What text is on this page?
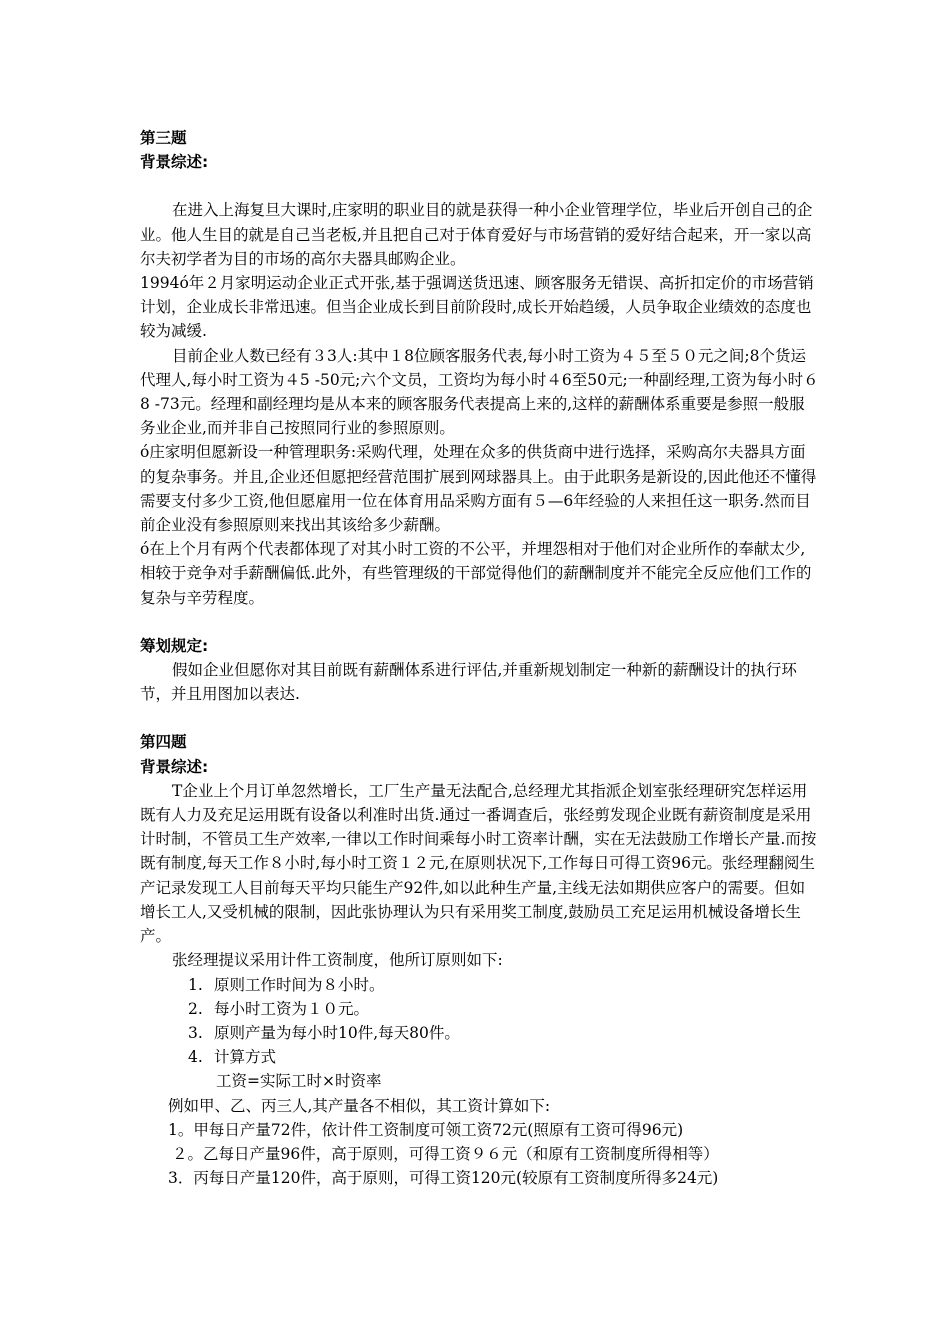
第三题
背景综述:

在进入上海复旦大课时,庄家明的职业目的就是获得一种小企业管理学位，毕业后开创自己的企业。他人生目的就是自己当老板,并且把自己对于体育爱好与市场营销的爱好结合起来，开一家以高尔夫初学者为目的市场的高尔夫器具邮购企业。

1994ó年２月家明运动企业正式开张,基于强调送货迅速、顾客服务无错误、高折扣定价的市场营销计划，企业成长非常迅速。但当企业成长到目前阶段时,成长开始趋缓，人员争取企业绩效的态度也较为减缓.

目前企业人数已经有３3人:其中１8位顾客服务代表,每小时工资为４５至５０元之间;8个货运代理人,每小时工资为４5 -50元;六个文员，工资均为每小时４6至50元;一种副经理,工资为每小时６8 -73元。经理和副经理均是从本来的顾客服务代表提高上来的,这样的薪酬体系重要是参照一般服务业企业,而并非自己按照同行业的参照原则。

ó庄家明但愿新设一种管理职务:采购代理，处理在众多的供货商中进行选择，采购高尔夫器具方面的复杂事务。并且,企业还但愿把经营范围扩展到网球器具上。由于此职务是新设的,因此他还不懂得需要支付多少工资,他但愿雇用一位在体育用品采购方面有５—6年经验的人来担任这一职务.然而目前企业没有参照原则来找出其该给多少薪酬。

ó在上个月有两个代表都体现了对其小时工资的不公平，并埋怨相对于他们对企业所作的奉献太少,相较于竞争对手薪酬偏低.此外，有些管理级的干部觉得他们的薪酬制度并不能完全反应他们工作的复杂与辛劳程度。

筹划规定:

假如企业但愿你对其目前既有薪酬体系进行评估,并重新规划制定一种新的薪酬设计的执行环节，并且用图加以表达.

第四题
背景综述:

T企业上个月订单忽然增长，工厂生产量无法配合,总经理尤其指派企划室张经理研究怎样运用既有人力及充足运用既有设备以利准时出货.通过一番调查后，张经剪发现企业既有薪资制度是采用计时制，不管员工生产效率,一律以工作时间乘每小时工资率计酬，实在无法鼓励工作增长产量.而按既有制度,每天工作８小时,每小时工资１２元,在原则状况下,工作每日可得工资96元。张经理翻阅生产记录发现工人目前每天平均只能生产92件,如以此种生产量,主线无法如期供应客户的需要。但如增长工人,又受机械的限制，因此张协理认为只有采用奖工制度,鼓励员工充足运用机械设备增长生产。

张经理提议采用计件工资制度，他所订原则如下:

1. 原则工作时间为８小时。
2. 每小时工资为１０元。
3. 原则产量为每小时10件,每天80件。
4. 计算方式
工资=实际工时×时资率
例如甲、乙、丙三人,其产量各不相似，其工资计算如下:
1。甲每日产量72件，依计件工资制度可领工资72元(照原有工资可得96元)
２。乙每日产量96件，高于原则，可得工资９６元（和原有工资制度所得相等）
3．丙每日产量120件，高于原则，可得工资120元(较原有工资制度所得多24元)
